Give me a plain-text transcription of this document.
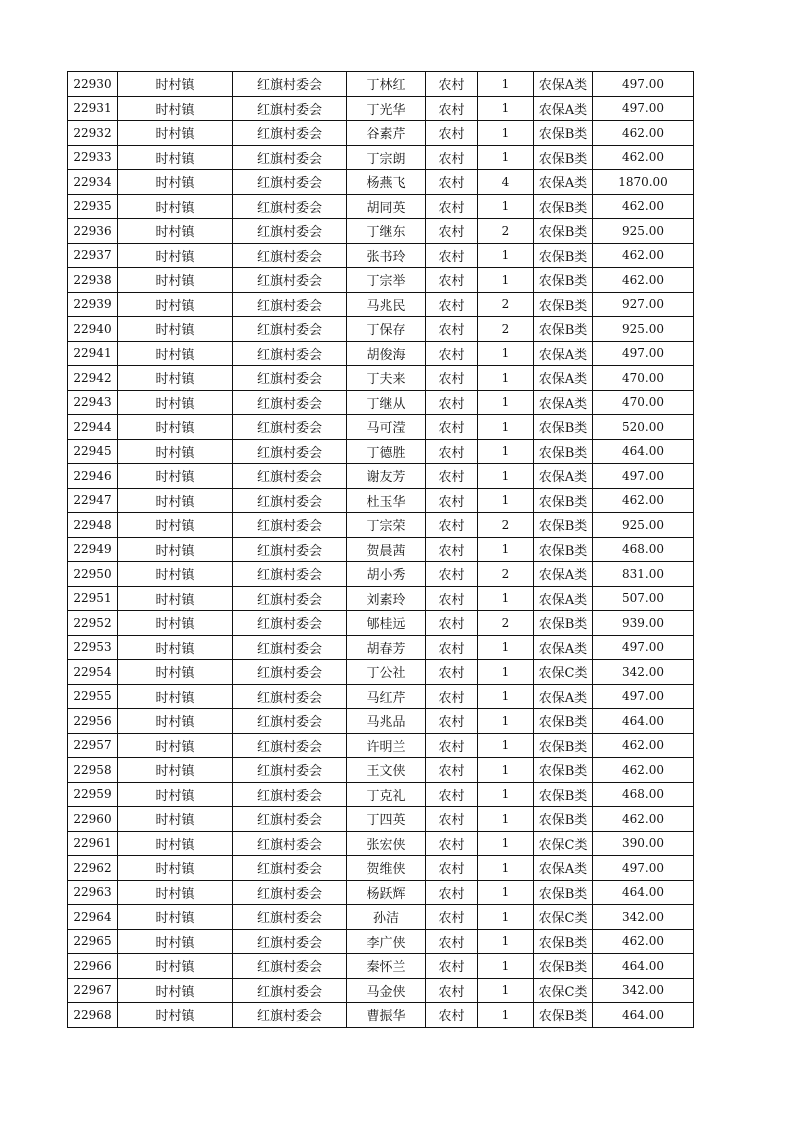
22930	时村镇	红旗村委会	丁林红	农村	1	农保A类	497.00
22931	时村镇	红旗村委会	丁光华	农村	1	农保A类	497.00
22932	时村镇	红旗村委会	谷素芹	农村	1	农保B类	462.00
22933	时村镇	红旗村委会	丁宗朗	农村	1	农保B类	462.00
22934	时村镇	红旗村委会	杨燕飞	农村	4	农保A类	1870.00
22935	时村镇	红旗村委会	胡同英	农村	1	农保B类	462.00
22936	时村镇	红旗村委会	丁继东	农村	2	农保B类	925.00
22937	时村镇	红旗村委会	张书玲	农村	1	农保B类	462.00
22938	时村镇	红旗村委会	丁宗举	农村	1	农保B类	462.00
22939	时村镇	红旗村委会	马兆民	农村	2	农保B类	927.00
22940	时村镇	红旗村委会	丁保存	农村	2	农保B类	925.00
22941	时村镇	红旗村委会	胡俊海	农村	1	农保A类	497.00
22942	时村镇	红旗村委会	丁夫来	农村	1	农保A类	470.00
22943	时村镇	红旗村委会	丁继从	农村	1	农保A类	470.00
22944	时村镇	红旗村委会	马可滢	农村	1	农保B类	520.00
22945	时村镇	红旗村委会	丁德胜	农村	1	农保B类	464.00
22946	时村镇	红旗村委会	谢友芳	农村	1	农保A类	497.00
22947	时村镇	红旗村委会	杜玉华	农村	1	农保B类	462.00
22948	时村镇	红旗村委会	丁宗荣	农村	2	农保B类	925.00
22949	时村镇	红旗村委会	贺晨茜	农村	1	农保B类	468.00
22950	时村镇	红旗村委会	胡小秀	农村	2	农保A类	831.00
22951	时村镇	红旗村委会	刘素玲	农村	1	农保A类	507.00
22952	时村镇	红旗村委会	郇桂远	农村	2	农保B类	939.00
22953	时村镇	红旗村委会	胡春芳	农村	1	农保A类	497.00
22954	时村镇	红旗村委会	丁公社	农村	1	农保C类	342.00
22955	时村镇	红旗村委会	马红芹	农村	1	农保A类	497.00
22956	时村镇	红旗村委会	马兆品	农村	1	农保B类	464.00
22957	时村镇	红旗村委会	许明兰	农村	1	农保B类	462.00
22958	时村镇	红旗村委会	王文侠	农村	1	农保B类	462.00
22959	时村镇	红旗村委会	丁克礼	农村	1	农保B类	468.00
22960	时村镇	红旗村委会	丁四英	农村	1	农保B类	462.00
22961	时村镇	红旗村委会	张宏侠	农村	1	农保C类	390.00
22962	时村镇	红旗村委会	贺维侠	农村	1	农保A类	497.00
22963	时村镇	红旗村委会	杨跃辉	农村	1	农保B类	464.00
22964	时村镇	红旗村委会	孙洁	农村	1	农保C类	342.00
22965	时村镇	红旗村委会	李广侠	农村	1	农保B类	462.00
22966	时村镇	红旗村委会	秦怀兰	农村	1	农保B类	464.00
22967	时村镇	红旗村委会	马金侠	农村	1	农保C类	342.00
22968	时村镇	红旗村委会	曹振华	农村	1	农保B类	464.00
